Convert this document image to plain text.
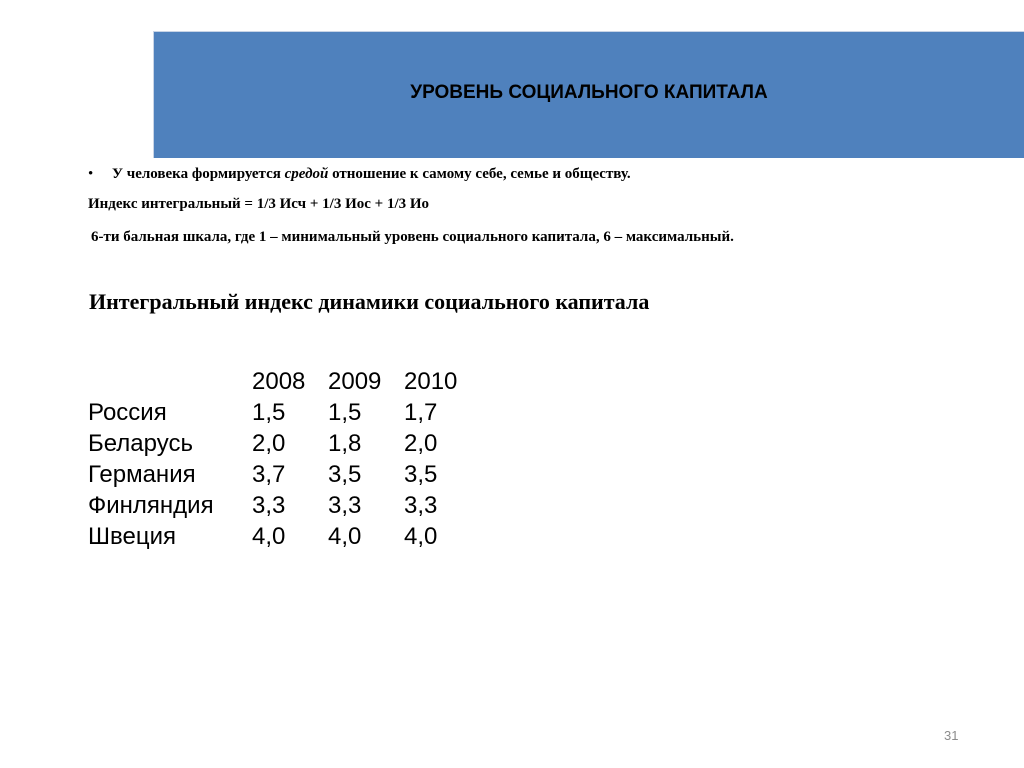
УРОВЕНЬ СОЦИАЛЬНОГО КАПИТАЛА
• У человека формируется средой отношение к самому себе, семье и обществу.
Индекс интегральный = 1/3 Исч + 1/3 Иос + 1/3 Ио
6-ти бальная шкала, где 1 – минимальный уровень социального капитала, 6 – максимальный.
Интегральный индекс динамики социального капитала
	2008	2009	2010
Россия	1,5	1,5	1,7
Беларусь	2,0	1,8	2,0
Германия	3,7	3,5	3,5
Финляндия	3,3	3,3	3,3
Швеция	4,0	4,0	4,0
31
